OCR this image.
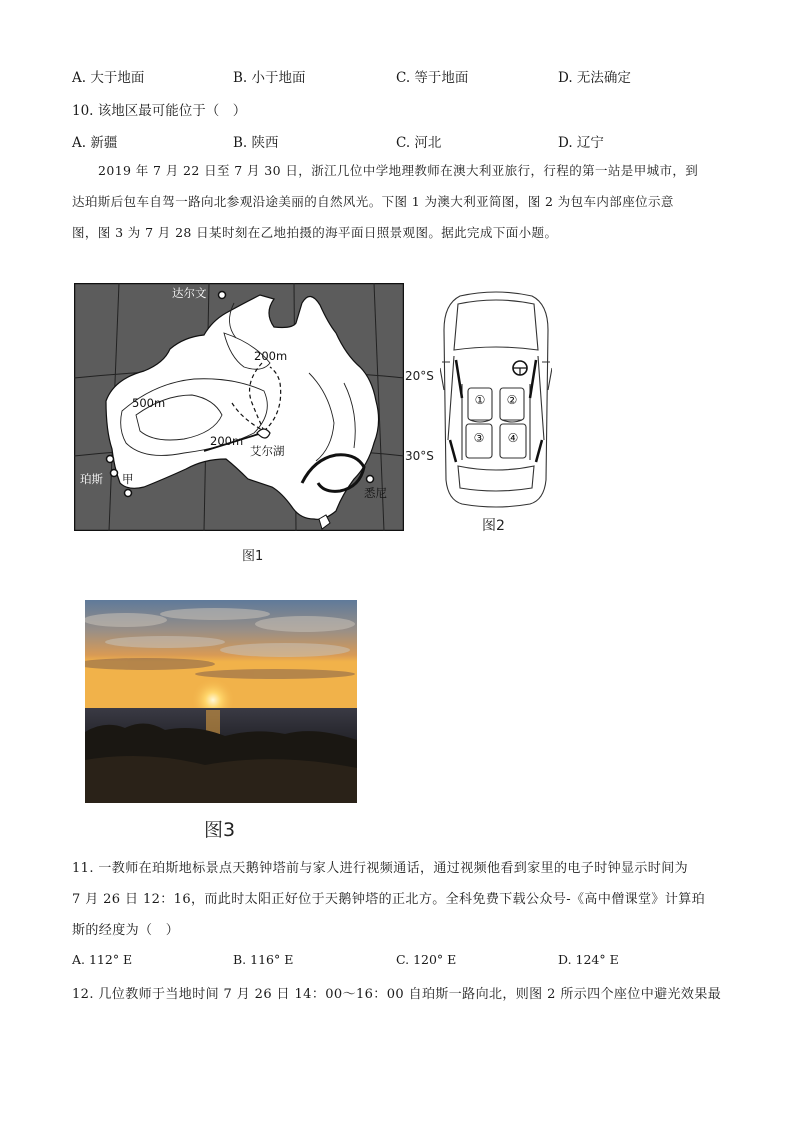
A. 大于地面	B. 小于地面	C. 等于地面	D. 无法确定
10. 该地区最可能位于（　）
A. 新疆	B. 陕西	C. 河北	D. 辽宁
2019 年 7 月 22 日至 7 月 30 日，浙江几位中学地理教师在澳大利亚旅行，行程的第一站是甲城市，到
达珀斯后包车自驾一路向北参观沿途美丽的自然风光。下图 1 为澳大利亚简图，图 2 为包车内部座位示意
图，图 3 为 7 月 28 日某时刻在乙地拍摄的海平面日照景观图。据此完成下面小题。
达尔文
200m
500m
200m
艾尔湖
珀斯 甲
悉尼
20°S
30°S
图1
① ②
③ ④
图2
图3
11. 一教师在珀斯地标景点天鹅钟塔前与家人进行视频通话，通过视频他看到家里的电子时钟显示时间为
7 月 26 日 12：16，而此时太阳正好位于天鹅钟塔的正北方。全科免费下载公众号-《高中僧课堂》计算珀
斯的经度为（　）
A. 112° E	B. 116° E	C. 120° E	D. 124° E
12. 几位教师于当地时间 7 月 26 日 14：00～16：00 自珀斯一路向北，则图 2 所示四个座位中避光效果最
